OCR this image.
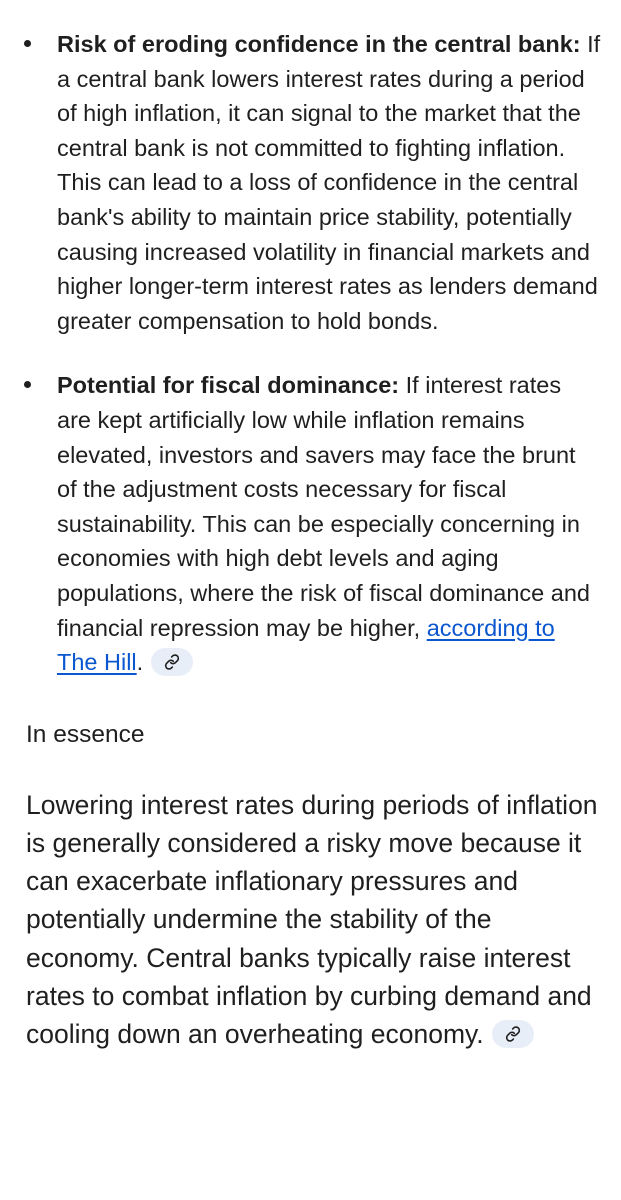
Risk of eroding confidence in the central bank: If a central bank lowers interest rates during a period of high inflation, it can signal to the market that the central bank is not committed to fighting inflation. This can lead to a loss of confidence in the central bank's ability to maintain price stability, potentially causing increased volatility in financial markets and higher longer-term interest rates as lenders demand greater compensation to hold bonds.
Potential for fiscal dominance: If interest rates are kept artificially low while inflation remains elevated, investors and savers may face the brunt of the adjustment costs necessary for fiscal sustainability. This can be especially concerning in economies with high debt levels and aging populations, where the risk of fiscal dominance and financial repression may be higher, according to The Hill.
In essence

Lowering interest rates during periods of inflation is generally considered a risky move because it can exacerbate inflationary pressures and potentially undermine the stability of the economy. Central banks typically raise interest rates to combat inflation by curbing demand and cooling down an overheating economy.
